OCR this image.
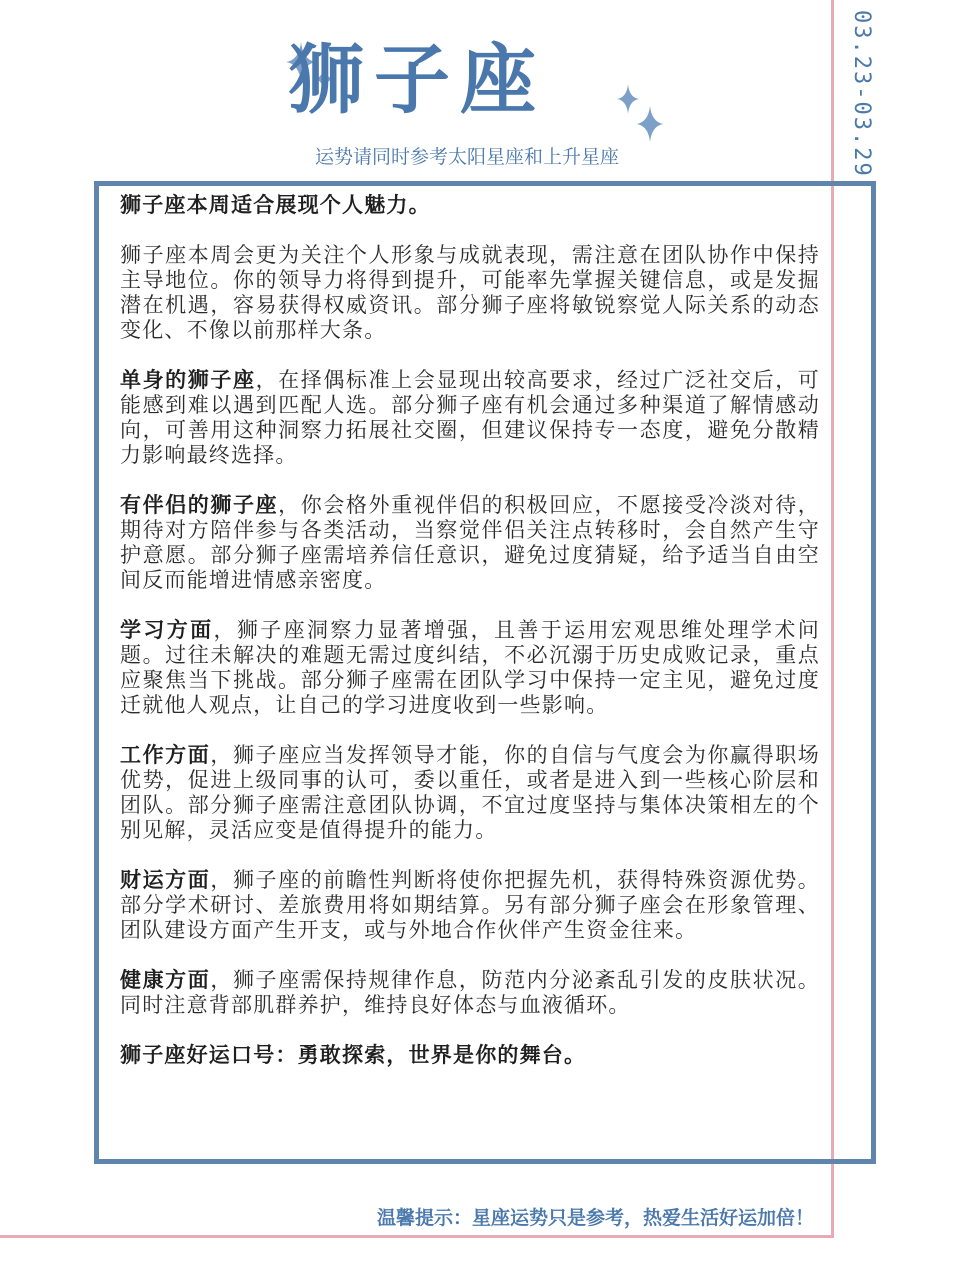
03.23-03.29
狮子座
运势请同时参考太阳星座和上升星座

狮子座本周适合展现个人魅力。

狮子座本周会更为关注个人形象与成就表现，需注意在团队协作中保持主导地位。你的领导力将得到提升，可能率先掌握关键信息，或是发掘潜在机遇，容易获得权威资讯。部分狮子座将敏锐察觉人际关系的动态变化、不像以前那样大条。

单身的狮子座，在择偶标准上会显现出较高要求，经过广泛社交后，可能感到难以遇到匹配人选。部分狮子座有机会通过多种渠道了解情感动向，可善用这种洞察力拓展社交圈，但建议保持专一态度，避免分散精力影响最终选择。

有伴侣的狮子座，你会格外重视伴侣的积极回应，不愿接受冷淡对待，期待对方陪伴参与各类活动，当察觉伴侣关注点转移时，会自然产生守护意愿。部分狮子座需培养信任意识，避免过度猜疑，给予适当自由空间反而能增进情感亲密度。

学习方面，狮子座洞察力显著增强，且善于运用宏观思维处理学术问题。过往未解决的难题无需过度纠结，不必沉溺于历史成败记录，重点应聚焦当下挑战。部分狮子座需在团队学习中保持一定主见，避免过度迁就他人观点，让自己的学习进度收到一些影响。

工作方面，狮子座应当发挥领导才能，你的自信与气度会为你赢得职场优势，促进上级同事的认可，委以重任，或者是进入到一些核心阶层和团队。部分狮子座需注意团队协调，不宜过度坚持与集体决策相左的个别见解，灵活应变是值得提升的能力。

财运方面，狮子座的前瞻性判断将使你把握先机，获得特殊资源优势。部分学术研讨、差旅费用将如期结算。另有部分狮子座会在形象管理、团队建设方面产生开支，或与外地合作伙伴产生资金往来。

健康方面，狮子座需保持规律作息，防范内分泌紊乱引发的皮肤状况。同时注意背部肌群养护，维持良好体态与血液循环。

狮子座好运口号：勇敢探索，世界是你的舞台。

温馨提示：星座运势只是参考，热爱生活好运加倍！
